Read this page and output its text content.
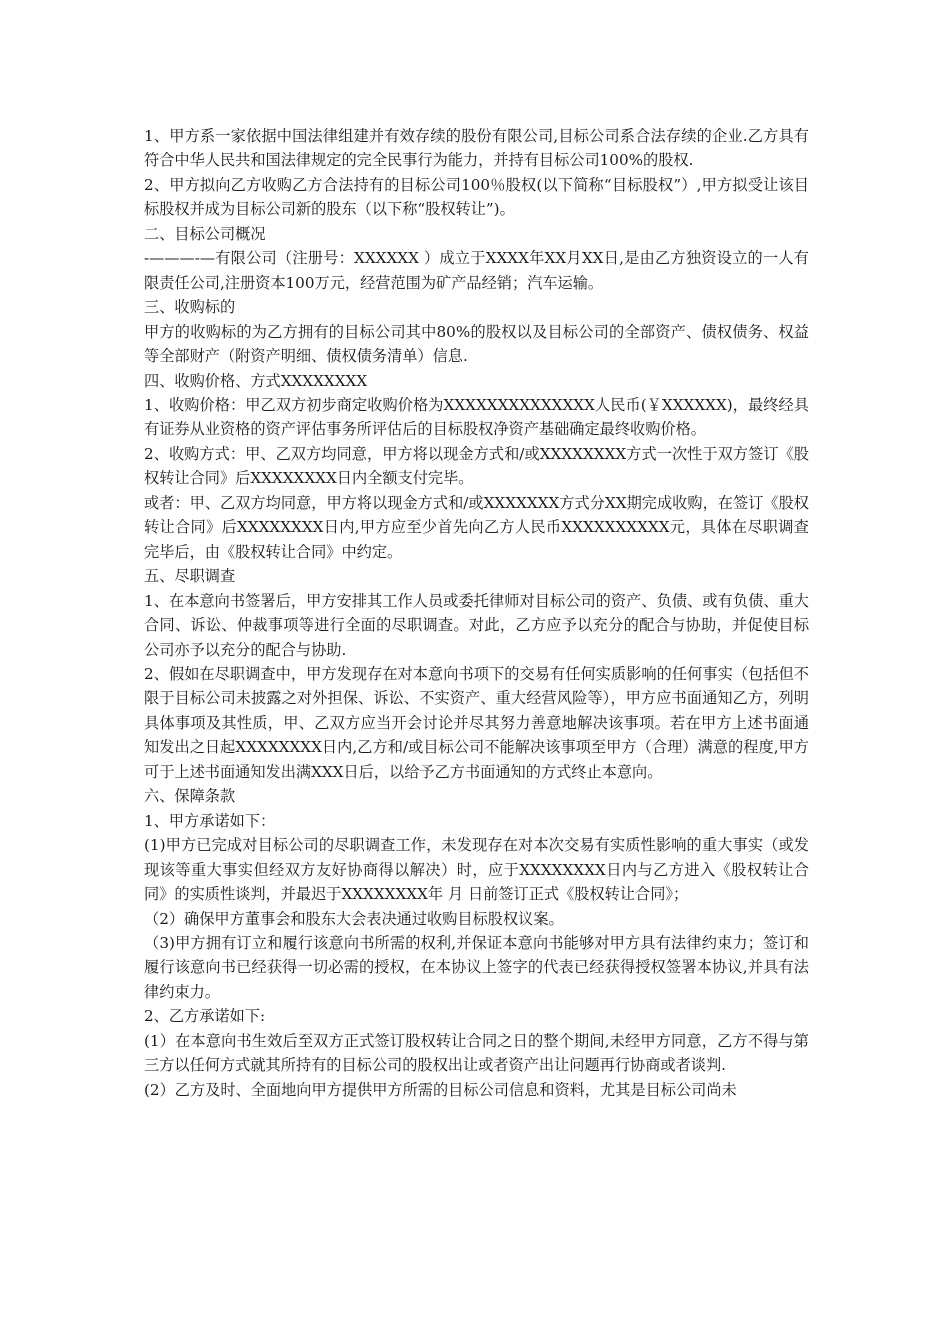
1、甲方系一家依据中国法律组建并有效存续的股份有限公司,目标公司系合法存续的企业.乙方具有符合中华人民共和国法律规定的完全民事行为能力，并持有目标公司100%的股权.

2、甲方拟向乙方收购乙方合法持有的目标公司100％股权(以下简称“目标股权”）,甲方拟受让该目标股权并成为目标公司新的股东（以下称“股权转让”)。

二、目标公司概况

-———-—有限公司（注册号：XXXXXX ）成立于XXXX年XX月XX日,是由乙方独资设立的一人有限责任公司,注册资本100万元，经营范围为矿产品经销；汽车运输。

三、收购标的

甲方的收购标的为乙方拥有的目标公司其中80%的股权以及目标公司的全部资产、债权债务、权益等全部财产（附资产明细、债权债务清单）信息.

四、收购价格、方式XXXXXXXX

1、收购价格：甲乙双方初步商定收购价格为XXXXXXXXXXXXXX人民币(￥XXXXXX)，最终经具有证券从业资格的资产评估事务所评估后的目标股权净资产基础确定最终收购价格。

2、收购方式：甲、乙双方均同意，甲方将以现金方式和/或XXXXXXXX方式一次性于双方签订《股权转让合同》后XXXXXXXX日内全额支付完毕。

或者：甲、乙双方均同意，甲方将以现金方式和/或XXXXXXX方式分XX期完成收购，在签订《股权转让合同》后XXXXXXXX日内,甲方应至少首先向乙方人民币XXXXXXXXXX元，具体在尽职调查完毕后，由《股权转让合同》中约定。

五、尽职调查

1、在本意向书签署后，甲方安排其工作人员或委托律师对目标公司的资产、负债、或有负债、重大合同、诉讼、仲裁事项等进行全面的尽职调查。对此，乙方应予以充分的配合与协助，并促使目标公司亦予以充分的配合与协助.

2、假如在尽职调查中，甲方发现存在对本意向书项下的交易有任何实质影响的任何事实（包括但不限于目标公司未披露之对外担保、诉讼、不实资产、重大经营风险等），甲方应书面通知乙方，列明具体事项及其性质，甲、乙双方应当开会讨论并尽其努力善意地解决该事项。若在甲方上述书面通知发出之日起XXXXXXXX日内,乙方和/或目标公司不能解决该事项至甲方（合理）满意的程度,甲方可于上述书面通知发出满XXX日后，以给予乙方书面通知的方式终止本意向。

六、保障条款

1、甲方承诺如下：

(1)甲方已完成对目标公司的尽职调查工作，未发现存在对本次交易有实质性影响的重大事实（或发现该等重大事实但经双方友好协商得以解决）时，应于XXXXXXXX日内与乙方进入《股权转让合同》的实质性谈判，并最迟于XXXXXXXX年 月 日前签订正式《股权转让合同》；

（2）确保甲方董事会和股东大会表决通过收购目标股权议案。

（3)甲方拥有订立和履行该意向书所需的权利,并保证本意向书能够对甲方具有法律约束力；签订和履行该意向书已经获得一切必需的授权，在本协议上签字的代表已经获得授权签署本协议,并具有法律约束力。

2、乙方承诺如下:

(1）在本意向书生效后至双方正式签订股权转让合同之日的整个期间,未经甲方同意，乙方不得与第三方以任何方式就其所持有的目标公司的股权出让或者资产出让问题再行协商或者谈判.

(2）乙方及时、全面地向甲方提供甲方所需的目标公司信息和资料，尤其是目标公司尚未
